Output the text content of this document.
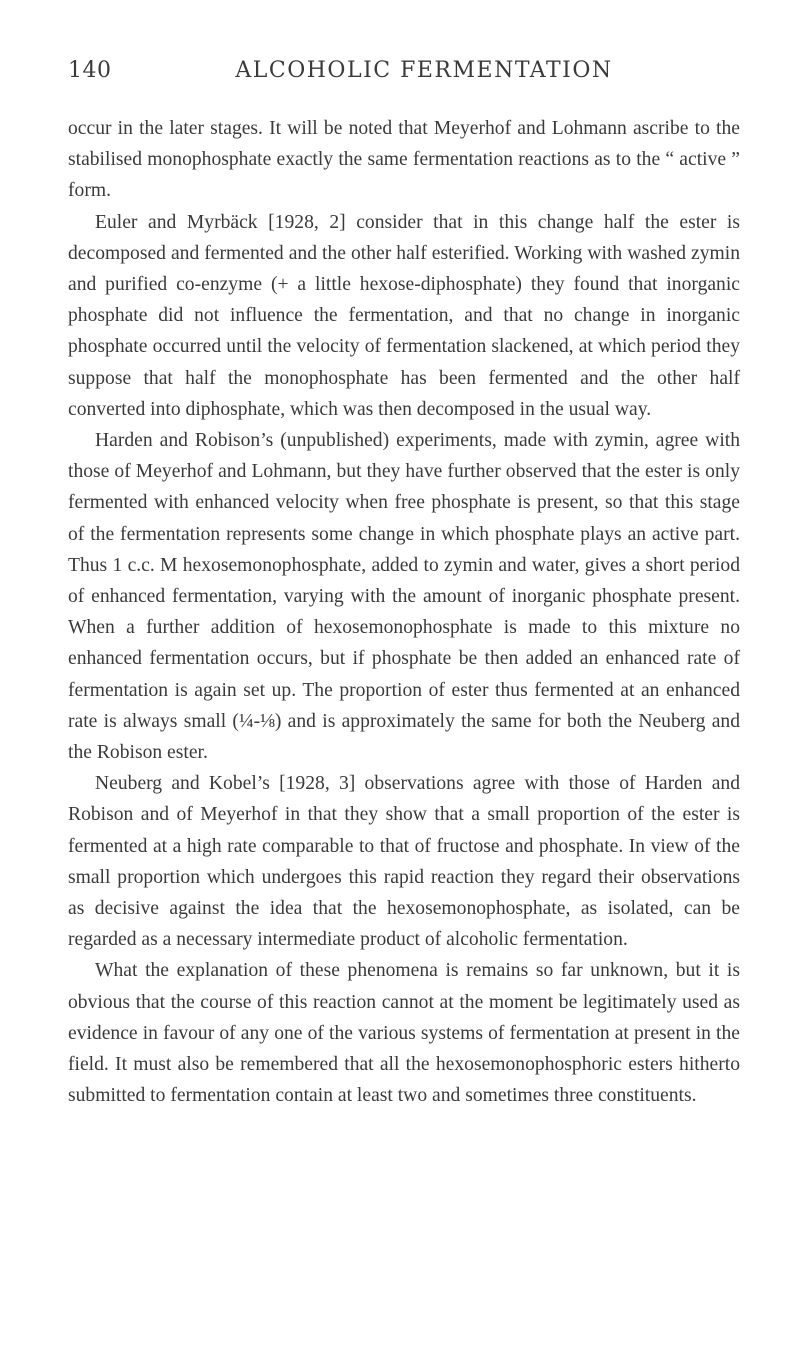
140	ALCOHOLIC FERMENTATION

occur in the later stages. It will be noted that Meyerhof and Lohmann ascribe to the stabilised monophosphate exactly the same fermentation reactions as to the “ active ” form.

Euler and Myrbäck [1928, 2] consider that in this change half the ester is decomposed and fermented and the other half esterified. Working with washed zymin and purified co-enzyme (+ a little hexose-diphosphate) they found that inorganic phosphate did not influence the fermentation, and that no change in inorganic phosphate occurred until the velocity of fermentation slackened, at which period they suppose that half the monophosphate has been fermented and the other half converted into diphosphate, which was then decomposed in the usual way.

Harden and Robison’s (unpublished) experiments, made with zymin, agree with those of Meyerhof and Lohmann, but they have further observed that the ester is only fermented with enhanced velocity when free phosphate is present, so that this stage of the fermentation represents some change in which phosphate plays an active part. Thus 1 c.c. M hexosemonophosphate, added to zymin and water, gives a short period of enhanced fermentation, varying with the amount of inorganic phosphate present. When a further addition of hexosemonophosphate is made to this mixture no enhanced fermentation occurs, but if phosphate be then added an enhanced rate of fermentation is again set up. The proportion of ester thus fermented at an enhanced rate is always small (¼-⅛) and is approximately the same for both the Neuberg and the Robison ester.

Neuberg and Kobel’s [1928, 3] observations agree with those of Harden and Robison and of Meyerhof in that they show that a small proportion of the ester is fermented at a high rate comparable to that of fructose and phosphate. In view of the small proportion which undergoes this rapid reaction they regard their observations as decisive against the idea that the hexosemonophosphate, as isolated, can be regarded as a necessary intermediate product of alcoholic fermentation.

What the explanation of these phenomena is remains so far unknown, but it is obvious that the course of this reaction cannot at the moment be legitimately used as evidence in favour of any one of the various systems of fermentation at present in the field. It must also be remembered that all the hexosemonophosphoric esters hitherto submitted to fermentation contain at least two and sometimes three constituents.
